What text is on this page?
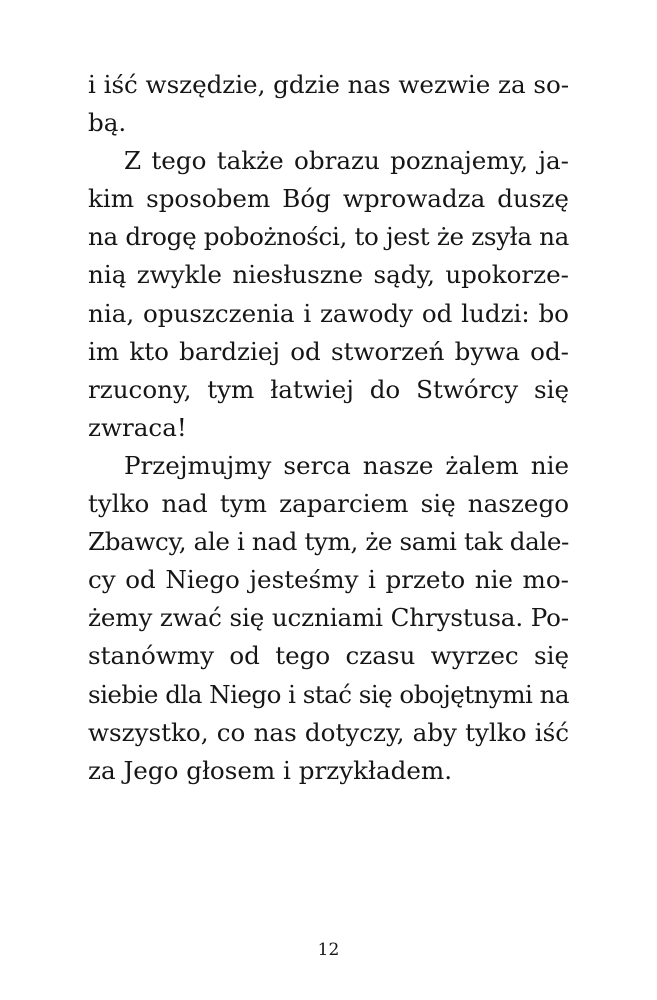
i iść wszędzie, gdzie nas wezwie za so-
bą.
Z tego także obrazu poznajemy, ja-
kim sposobem Bóg wprowadza duszę
na drogę pobożności, to jest że zsyła na
nią zwykle niesłuszne sądy, upokorze-
nia, opuszczenia i zawody od ludzi: bo
im kto bardziej od stworzeń bywa od-
rzucony, tym łatwiej do Stwórcy się
zwraca!
Przejmujmy serca nasze żalem nie
tylko nad tym zaparciem się naszego
Zbawcy, ale i nad tym, że sami tak dale-
cy od Niego jesteśmy i przeto nie mo-
żemy zwać się uczniami Chrystusa. Po-
stanówmy od tego czasu wyrzec się
siebie dla Niego i stać się obojętnymi na
wszystko, co nas dotyczy, aby tylko iść
za Jego głosem i przykładem.
12
